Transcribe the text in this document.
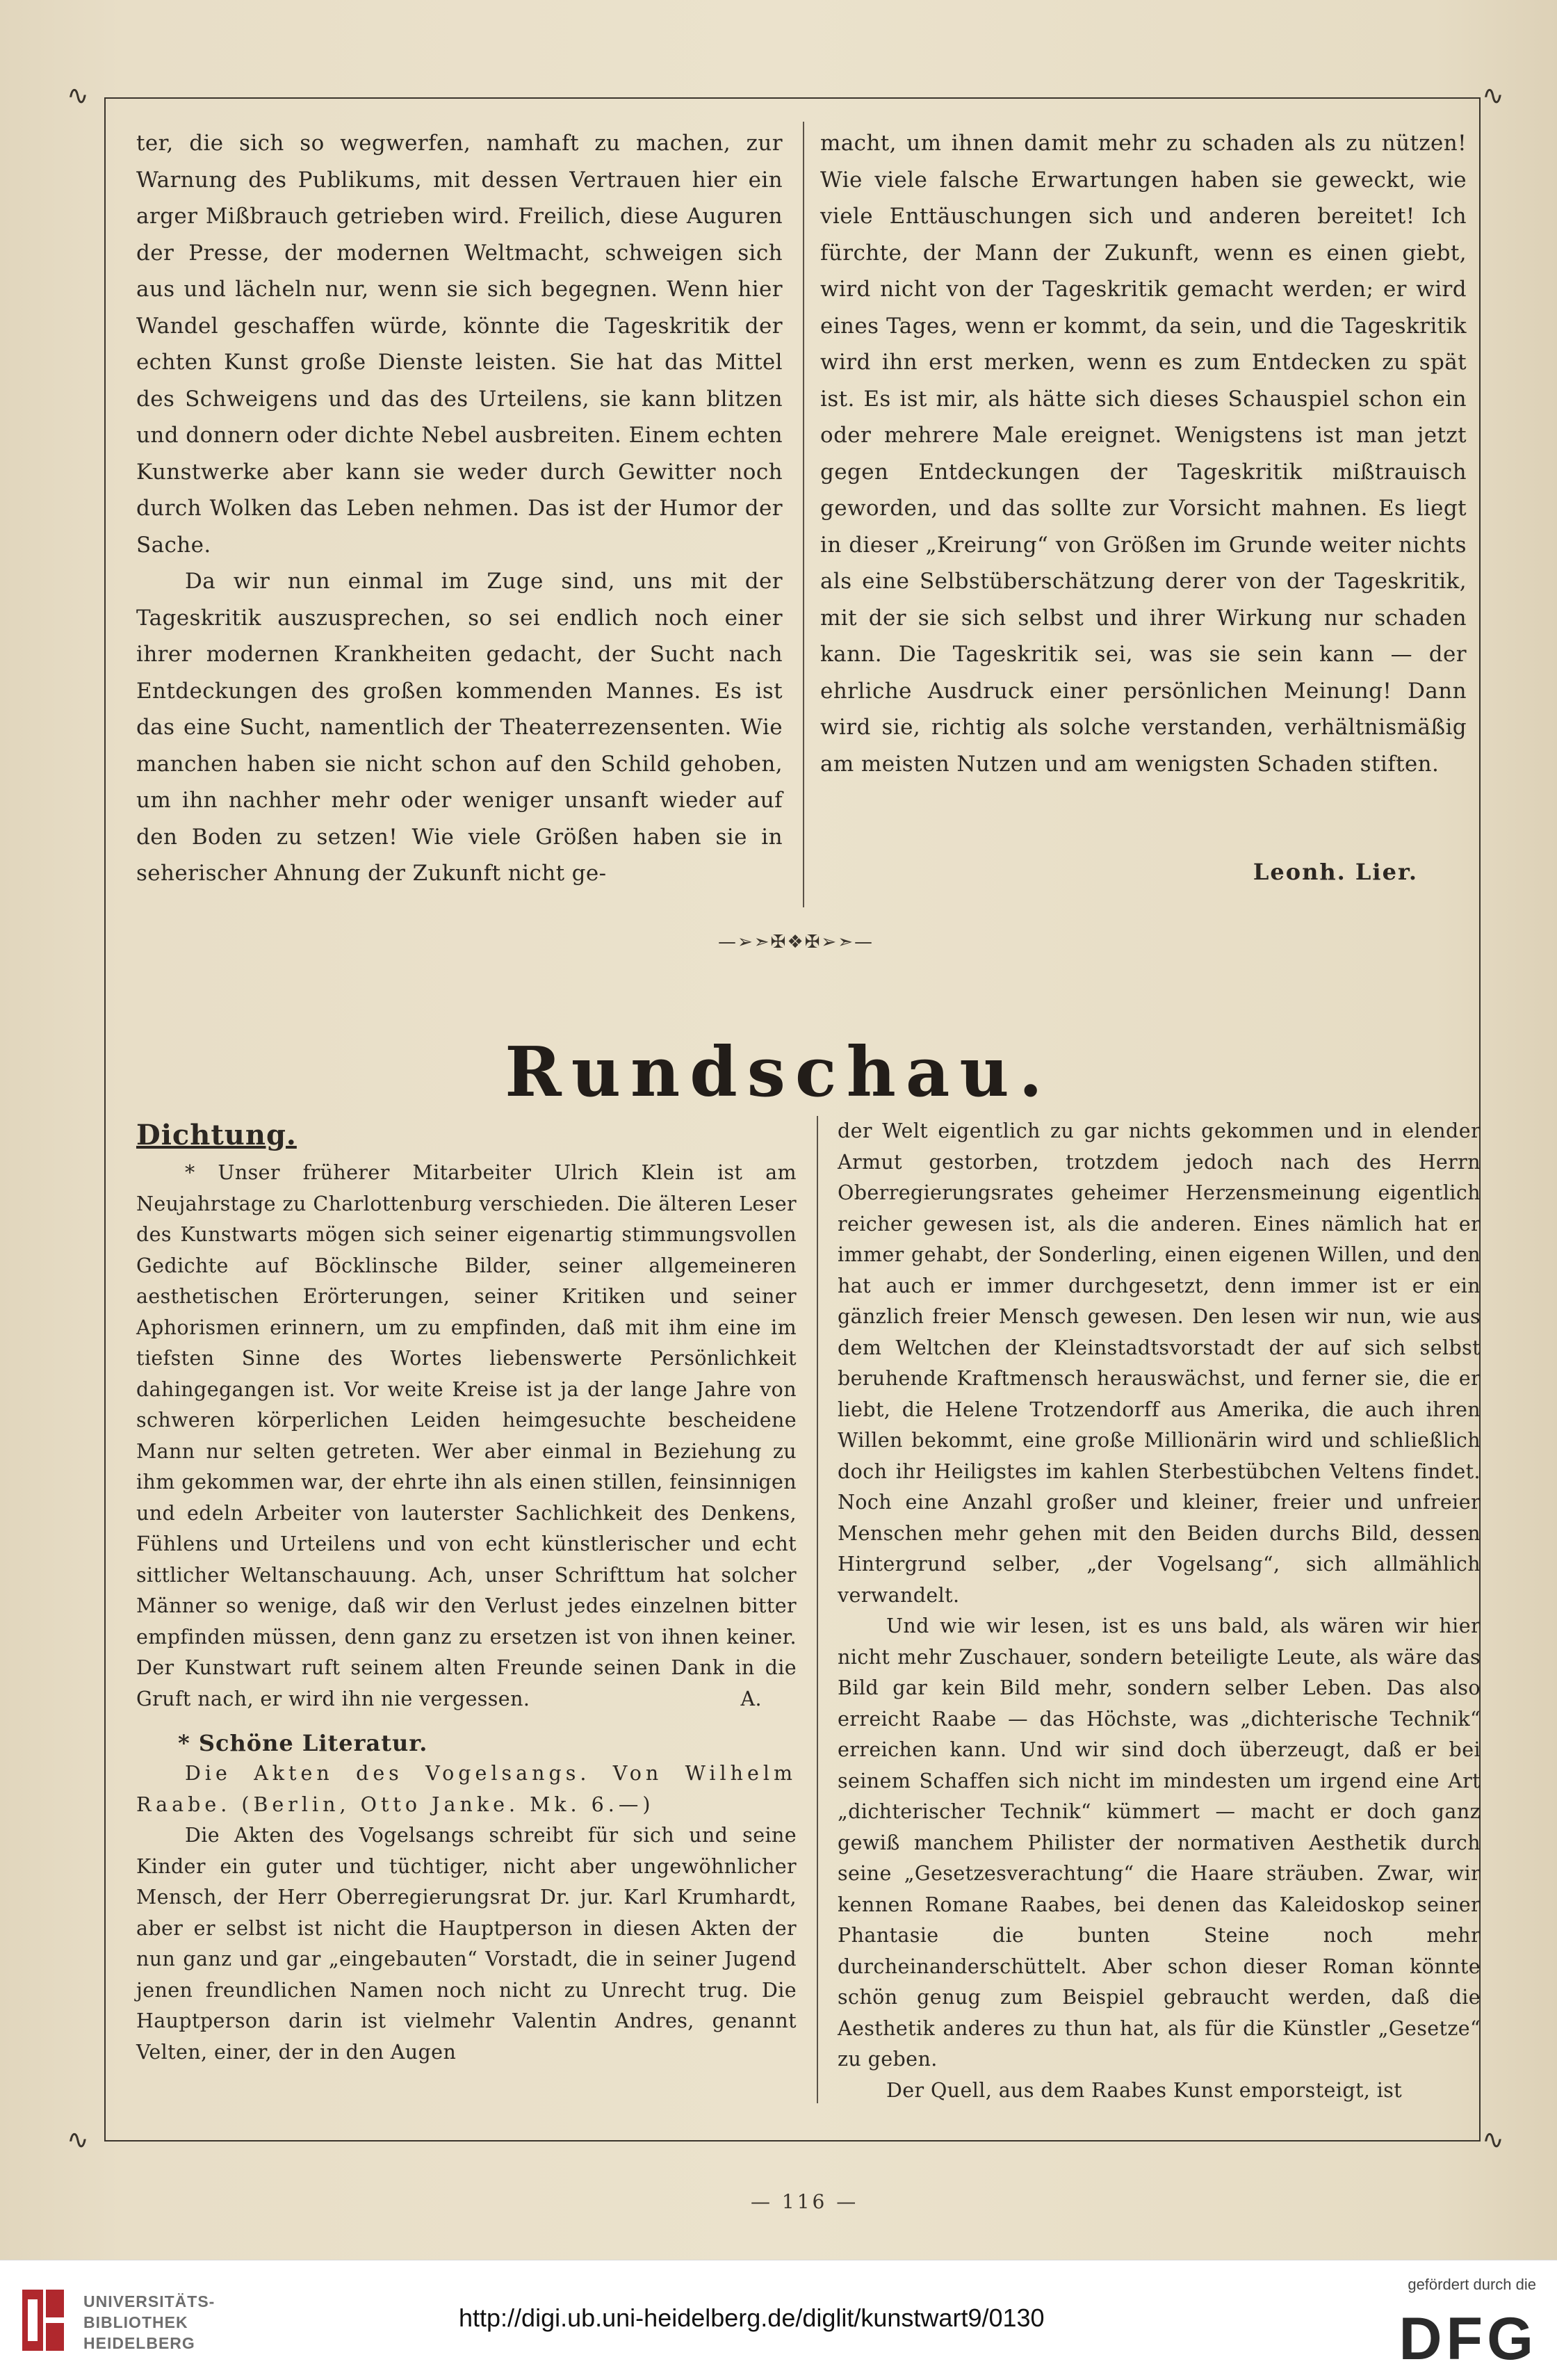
∿	∿
∿	∿

ter, die sich so wegwerfen, namhaft zu machen, zur Warnung des Publikums, mit dessen Vertrauen hier ein arger Mißbrauch getrieben wird. Freilich, diese Auguren der Presse, der modernen Weltmacht, schweigen sich aus und lächeln nur, wenn sie sich begegnen. Wenn hier Wandel geschaffen würde, könnte die Tageskritik der echten Kunst große Dienste leisten. Sie hat das Mittel des Schweigens und das des Urteilens, sie kann blitzen und donnern oder dichte Nebel ausbreiten. Einem echten Kunstwerke aber kann sie weder durch Gewitter noch durch Wolken das Leben nehmen. Das ist der Humor der Sache.

Da wir nun einmal im Zuge sind, uns mit der Tageskritik auszusprechen, so sei endlich noch einer ihrer modernen Krankheiten gedacht, der Sucht nach Entdeckungen des großen kommenden Mannes. Es ist das eine Sucht, namentlich der Theaterrezensenten. Wie manchen haben sie nicht schon auf den Schild gehoben, um ihn nachher mehr oder weniger unsanft wieder auf den Boden zu setzen! Wie viele Größen haben sie in seherischer Ahnung der Zukunft nicht ge-

macht, um ihnen damit mehr zu schaden als zu nützen! Wie viele falsche Erwartungen haben sie geweckt, wie viele Enttäuschungen sich und anderen bereitet! Ich fürchte, der Mann der Zukunft, wenn es einen giebt, wird nicht von der Tageskritik gemacht werden; er wird eines Tages, wenn er kommt, da sein, und die Tageskritik wird ihn erst merken, wenn es zum Entdecken zu spät ist. Es ist mir, als hätte sich dieses Schauspiel schon ein oder mehrere Male ereignet. Wenigstens ist man jetzt gegen Entdeckungen der Tageskritik mißtrauisch geworden, und das sollte zur Vorsicht mahnen. Es liegt in dieser „Kreirung“ von Größen im Grunde weiter nichts als eine Selbstüberschätzung derer von der Tageskritik, mit der sie sich selbst und ihrer Wirkung nur schaden kann. Die Tageskritik sei, was sie sein kann — der ehrliche Ausdruck einer persönlichen Meinung! Dann wird sie, richtig als solche verstanden, verhältnismäßig am meisten Nutzen und am wenigsten Schaden stiften.

Leonh. Lier.
—➢➣✠❖✠➢➣—
Rundschau.
Dichtung.

* Unser früherer Mitarbeiter Ulrich Klein ist am Neujahrstage zu Charlottenburg verschieden. Die älteren Leser des Kunstwarts mögen sich seiner eigenartig stimmungsvollen Gedichte auf Böcklinsche Bilder, seiner allgemeineren aesthetischen Erörterungen, seiner Kritiken und seiner Aphorismen erinnern, um zu empfinden, daß mit ihm eine im tiefsten Sinne des Wortes liebenswerte Persönlichkeit dahingegangen ist. Vor weite Kreise ist ja der lange Jahre von schweren körperlichen Leiden heimgesuchte bescheidene Mann nur selten getreten. Wer aber einmal in Beziehung zu ihm gekommen war, der ehrte ihn als einen stillen, feinsinnigen und edeln Arbeiter von lauterster Sachlichkeit des Denkens, Fühlens und Urteilens und von echt künstlerischer und echt sittlicher Weltanschauung. Ach, unser Schrifttum hat solcher Männer so wenige, daß wir den Verlust jedes einzelnen bitter empfinden müssen, denn ganz zu ersetzen ist von ihnen keiner. Der Kunstwart ruft seinem alten Freunde seinen Dank in die Gruft nach, er wird ihn nie vergessen.	A.
* Schöne Literatur.

Die Akten des Vogelsangs. Von Wilhelm Raabe. (Berlin, Otto Janke. Mk. 6.—)

Die Akten des Vogelsangs schreibt für sich und seine Kinder ein guter und tüchtiger, nicht aber ungewöhnlicher Mensch, der Herr Oberregierungsrat Dr. jur. Karl Krumhardt, aber er selbst ist nicht die Hauptperson in diesen Akten der nun ganz und gar „eingebauten“ Vorstadt, die in seiner Jugend jenen freundlichen Namen noch nicht zu Unrecht trug. Die Hauptperson darin ist vielmehr Valentin Andres, genannt Velten, einer, der in den Augen

der Welt eigentlich zu gar nichts gekommen und in elender Armut gestorben, trotzdem jedoch nach des Herrn Oberregierungsrates geheimer Herzensmeinung eigentlich reicher gewesen ist, als die anderen. Eines nämlich hat er immer gehabt, der Sonderling, einen eigenen Willen, und den hat auch er immer durchgesetzt, denn immer ist er ein gänzlich freier Mensch gewesen. Den lesen wir nun, wie aus dem Weltchen der Kleinstadtsvorstadt der auf sich selbst beruhende Kraftmensch herauswächst, und ferner sie, die er liebt, die Helene Trotzendorff aus Amerika, die auch ihren Willen bekommt, eine große Millionärin wird und schließlich doch ihr Heiligstes im kahlen Sterbestübchen Veltens findet. Noch eine Anzahl großer und kleiner, freier und unfreier Menschen mehr gehen mit den Beiden durchs Bild, dessen Hintergrund selber, „der Vogelsang“, sich allmählich verwandelt.

Und wie wir lesen, ist es uns bald, als wären wir hier nicht mehr Zuschauer, sondern beteiligte Leute, als wäre das Bild gar kein Bild mehr, sondern selber Leben. Das also erreicht Raabe — das Höchste, was „dichterische Technik“ erreichen kann. Und wir sind doch überzeugt, daß er bei seinem Schaffen sich nicht im mindesten um irgend eine Art „dichterischer Technik“ kümmert — macht er doch ganz gewiß manchem Philister der normativen Aesthetik durch seine „Gesetzesverachtung“ die Haare sträuben. Zwar, wir kennen Romane Raabes, bei denen das Kaleidoskop seiner Phantasie die bunten Steine noch mehr durcheinanderschüttelt. Aber schon dieser Roman könnte schön genug zum Beispiel gebraucht werden, daß die Aesthetik anderes zu thun hat, als für die Künstler „Gesetze“ zu geben.

Der Quell, aus dem Raabes Kunst emporsteigt, ist

— 116 —
UNIVERSITÄTS-
BIBLIOTHEK
HEIDELBERG
http://digi.ub.uni-heidelberg.de/diglit/kunstwart9/0130
gefördert durch die
DFG
